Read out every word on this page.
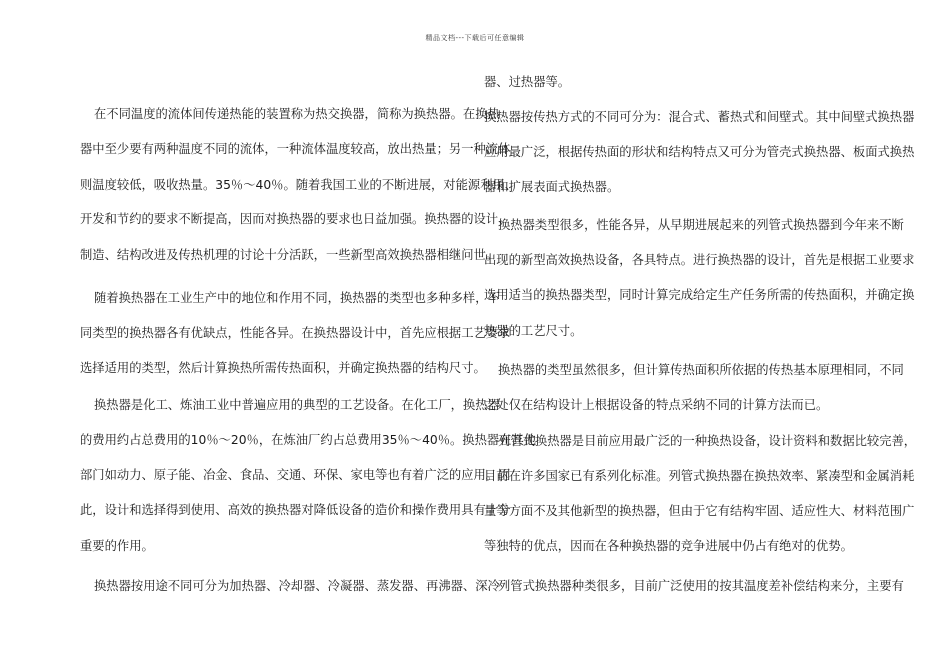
精品文档---下载后可任意编辑
在不同温度的流体间传递热能的装置称为热交换器，简称为换热器。在换热
器中至少要有两种温度不同的流体，一种流体温度较高，放出热量；另一种流体
则温度较低，吸收热量。35％～40％。随着我国工业的不断进展，对能源利用、
开发和节约的要求不断提高，因而对换热器的要求也日益加强。换热器的设计、
制造、结构改进及传热机理的讨论十分活跃，一些新型高效换热器相继问世。
随着换热器在工业生产中的地位和作用不同，换热器的类型也多种多样，不
同类型的换热器各有优缺点，性能各异。在换热器设计中，首先应根据工艺要求
选择适用的类型，然后计算换热所需传热面积，并确定换热器的结构尺寸。
换热器是化工、炼油工业中普遍应用的典型的工艺设备。在化工厂，换热器
的费用约占总费用的10％～20％，在炼油厂约占总费用35％～40％。换热器在其他
部门如动力、原子能、冶金、食品、交通、环保、家电等也有着广泛的应用。因
此，设计和选择得到使用、高效的换热器对降低设备的造价和操作费用具有十分
重要的作用。
换热器按用途不同可分为加热器、冷却器、冷凝器、蒸发器、再沸器、深冷
器、过热器等。
换热器按传热方式的不同可分为：混合式、蓄热式和间壁式。其中间壁式换热器
应用最广泛，根据传热面的形状和结构特点又可分为管壳式换热器、板面式换热
器和扩展表面式换热器。
换热器类型很多，性能各异，从早期进展起来的列管式换热器到今年来不断
出现的新型高效换热设备，各具特点。进行换热器的设计，首先是根据工业要求
选用适当的换热器类型，同时计算完成给定生产任务所需的传热面积，并确定换
热器的工艺尺寸。
换热器的类型虽然很多，但计算传热面积所依据的传热基本原理相同，不同
之处仅在结构设计上根据设备的特点采纳不同的计算方法而已。
列管式换热器是目前应用最广泛的一种换热设备，设计资料和数据比较完善，
目前在许多国家已有系列化标准。列管式换热器在换热效率、紧凑型和金属消耗
量等方面不及其他新型的换热器，但由于它有结构牢固、适应性大、材料范围广
等独特的优点，因而在各种换热器的竞争进展中仍占有绝对的优势。
列管式换热器种类很多，目前广泛使用的按其温度差补偿结构来分，主要有
